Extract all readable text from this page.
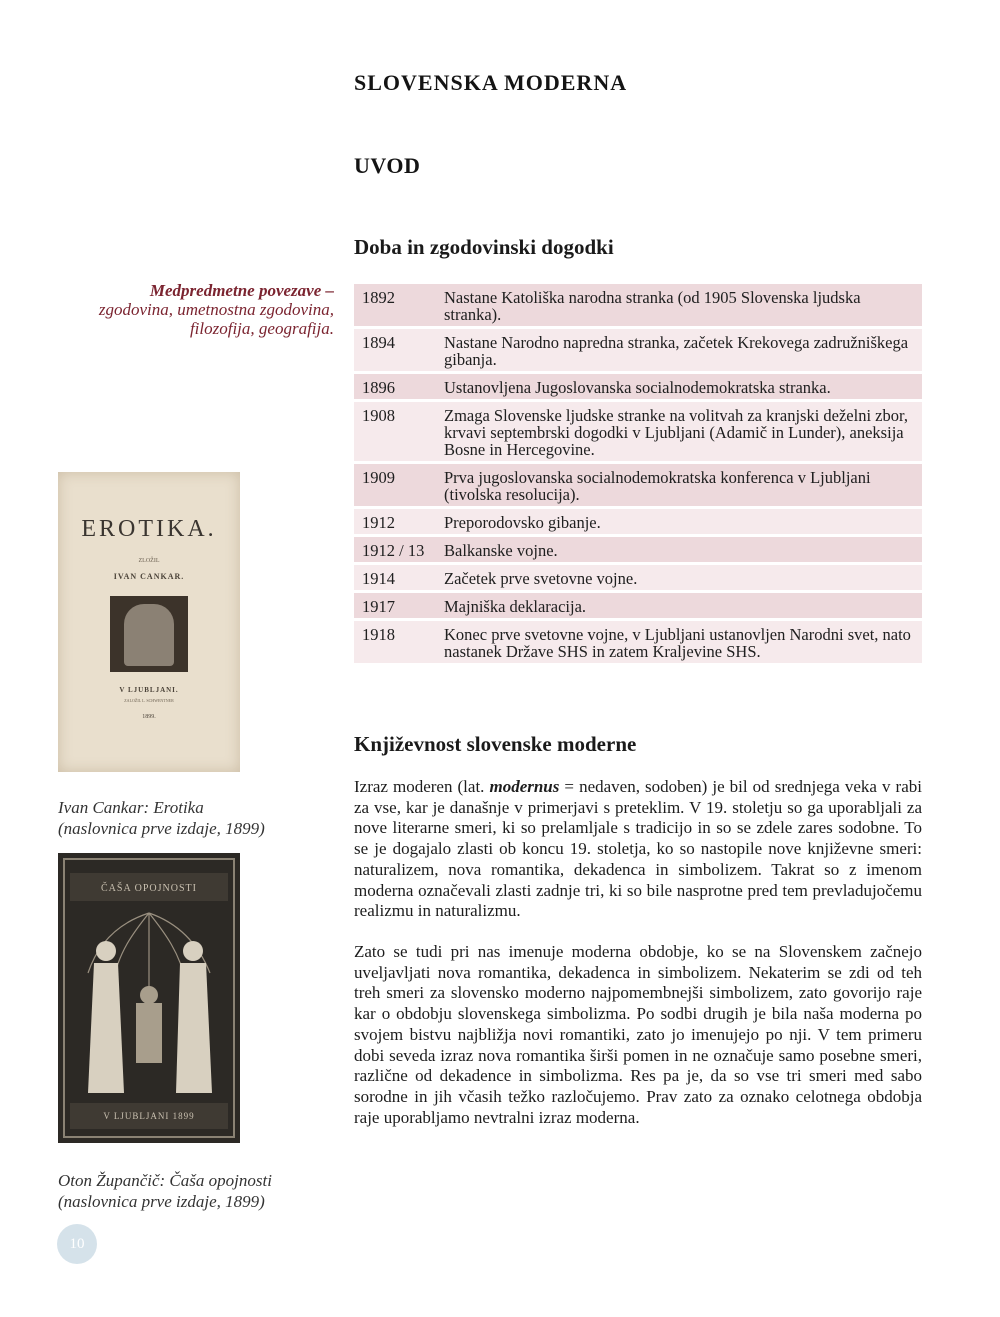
SLOVENSKA MODERNA
UVOD
Doba in zgodovinski dogodki
Medpredmetne povezave –
zgodovina, umetnostna zgodovina, filozofija, geografija.
1892	Nastane Katoliška narodna stranka (od 1905 Slovenska ljudska stranka).
1894	Nastane Narodno napredna stranka, začetek Krekovega zadružniškega gibanja.
1896	Ustanovljena Jugoslovanska socialnodemokratska stranka.
1908	Zmaga Slovenske ljudske stranke na volitvah za kranjski deželni zbor, krvavi septembrski dogodki v Ljubljani (Adamič in Lunder), aneksija Bosne in Hercegovine.
1909	Prva jugoslovanska socialnodemokratska konferenca v Ljubljani (tivolska resolucija).
1912	Preporodovsko gibanje.
1912 / 13	Balkanske vojne.
1914	Začetek prve svetovne vojne.
1917	Majniška deklaracija.
1918	Konec prve svetovne vojne, v Ljubljani ustanovljen Narodni svet, nato nastanek Države SHS in zatem Kraljevine SHS.
EROTIKA.
ZLOŽIL
IVAN CANKAR.
V LJUBLJANI.
ZALOŽIL L. SCHWENTNER
1899.
Ivan Cankar: Erotika
(naslovnica prve izdaje, 1899)
ČAŠA OPOJNOSTI
V LJUBLJANI 1899
Oton Župančič: Čaša opojnosti
(naslovnica prve izdaje, 1899)
Književnost slovenske moderne
Izraz moderen (lat. modernus = nedaven, sodoben) je bil od srednjega veka v rabi za vse, kar je današnje v primerjavi s preteklim. V 19. stoletju so ga uporabljali za nove literarne smeri, ki so prelamljale s tradicijo in so se zdele zares sodobne. To se je dogajalo zlasti ob koncu 19. stoletja, ko so nastopile nove književne smeri: naturalizem, nova romantika, dekadenca in simbolizem. Takrat so z imenom moderna označevali zlasti zadnje tri, ki so bile nasprotne pred tem prevladujočemu realizmu in naturalizmu.
Zato se tudi pri nas imenuje moderna obdobje, ko se na Slovenskem začnejo uveljavljati nova romantika, dekadenca in simbolizem. Nekaterim se zdi od teh treh smeri za slovensko moderno najpomembnejši simbolizem, zato govorijo raje kar o obdobju slovenskega simbolizma. Po sodbi drugih je bila naša moderna po svojem bistvu najbližja novi romantiki, zato jo imenujejo po nji. V tem primeru dobi seveda izraz nova romantika širši pomen in ne označuje samo posebne smeri, različne od dekadence in simbolizma. Res pa je, da so vse tri smeri med sabo sorodne in jih včasih težko razločujemo. Prav zato za oznako celotnega obdobja raje uporabljamo nevtralni izraz moderna.
10
